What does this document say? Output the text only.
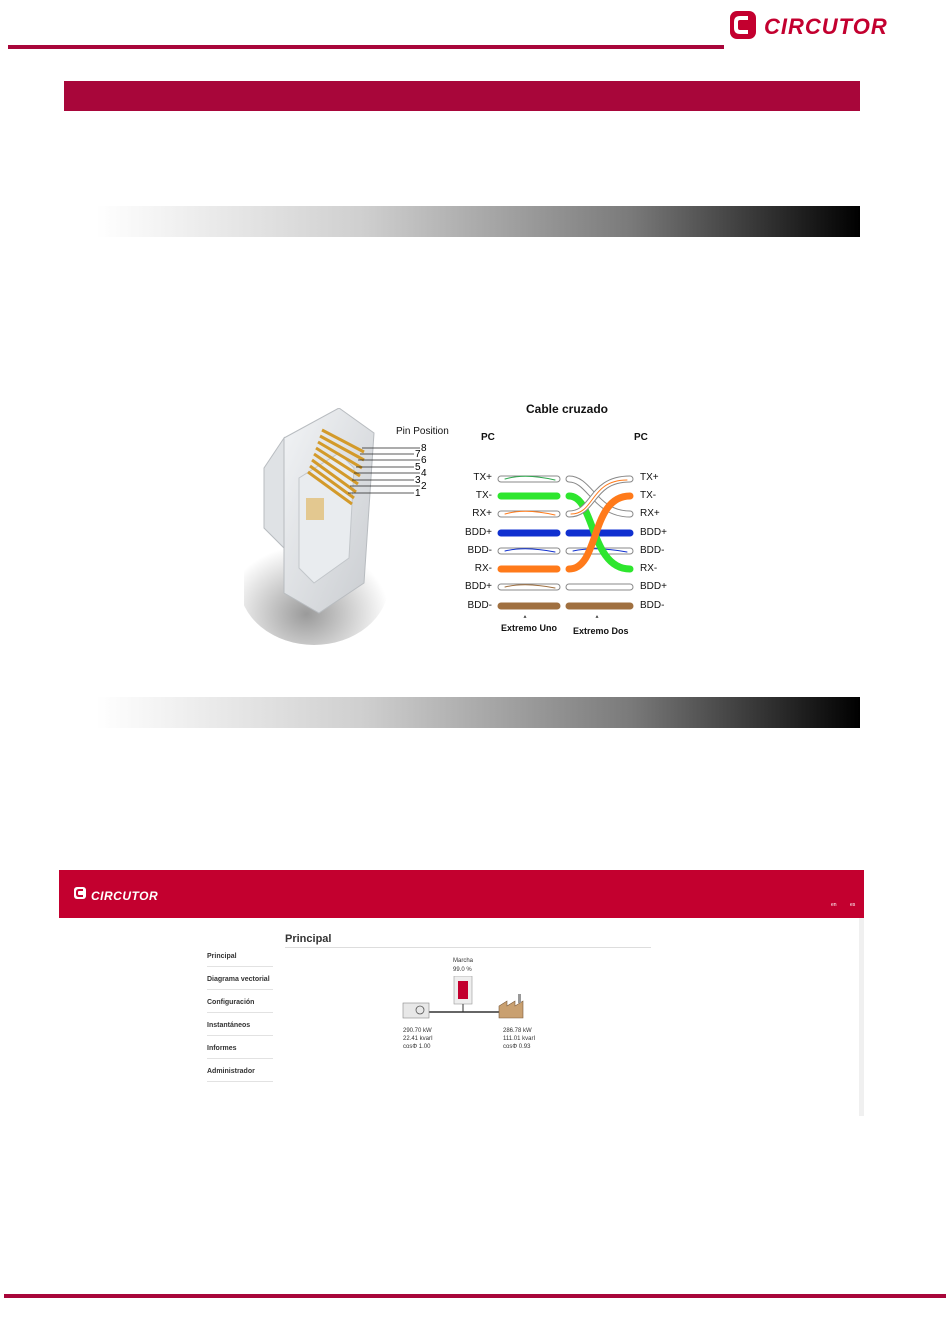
CIRCUTOR
Pin Position
8
7
6
5
4
3
2
1
Cable cruzado
PC	PC
TX+
TX-
RX+
BDD+
BDD-
RX-
BDD+
BDD-
TX+
TX-
RX+
BDD+
BDD-
RX-
BDD+
BDD-
Extremo Uno Extremo Dos
CIRCUTOR
en	es
Principal
Principal
Diagrama vectorial
Configuración
Instantáneos
Informes
Administrador
Marcha
99.0 %
290.70 kW
22.41 kvarI
cosΦ 1.00
286.78 kW
111.01 kvarI
cosΦ 0.93
